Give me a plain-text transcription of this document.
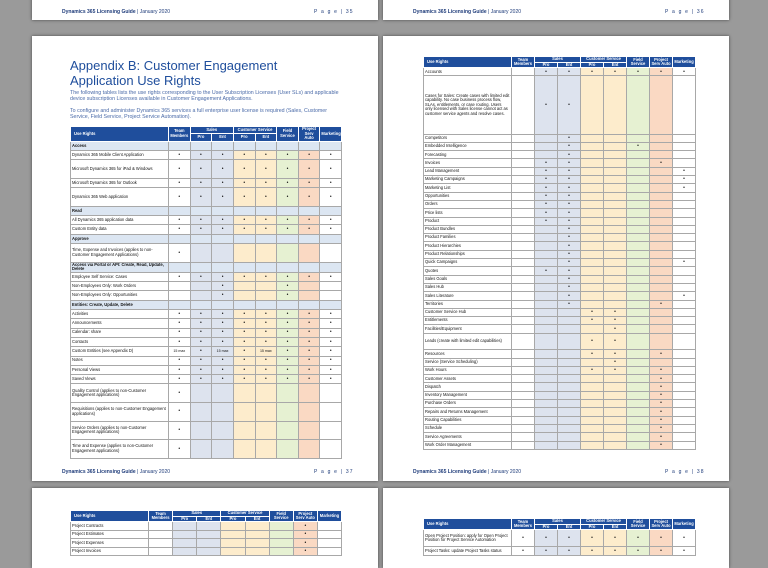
Dynamics 365 Licensing Guide | January 2020	P a g e | 35	Dynamics 365 Licensing Guide | January 2020	P a g e | 36
Appendix B: Customer Engagement Application Use Rights
The following tables lists the use rights corresponding to the User Subscription Licenses (User SLs) and applicable device subscription Licenses available in Customer Engagement Applications.
To configure and administer Dynamics 365 services a full enterprise user license is required (Sales, Customer Service, Field Service, Project Service Automation).
Use Rights	Team Members	Sales		Customer Service		Field Service	Project Serv Auto	Marketing
		Pro	Ent	Pro	Ent			
Access								
Dynamics 365 Mobile Client Application	•	•	•	•	•	•	•	•
Microsoft Dynamics 365 for iPad & Windows	•	•	•	•	•	•	•	•
Microsoft Dynamics 365 for Outlook	•	•	•	•	•	•	•	•
Dynamics 365 Web application	•	•	•	•	•	•	•	•
Read								
All Dynamics 365 application data	•	•	•	•	•	•	•	•
Custom Entity data	•	•	•	•	•	•	•	•
Approve								
Time, Expense and Invoices (applies to non-Customer Engagement Applications)	•							
Access via Portal or API: Create, Read, Update, Delete								
Employee Self Service: Cases	•	•	•	•	•	•	•	•
Non-Employees Only: Work Orders			•			•		
Non-Employees Only: Opportunities			•			•		
Entities: Create, Update, Delete								
Activities	•	•	•	•	•	•	•	•
Announcements	•	•	•	•	•	•	•	•
Calendar: share	•	•	•	•	•	•	•	•
Contacts	•	•	•	•	•	•	•	•
Custom Entities (see Appendix D)	15 max	•	15 max	•	15 max	•	•	•
Notes	•	•	•	•	•	•	•	•
Personal Views	•	•	•	•	•	•	•	•
Saved Views	•	•	•	•	•	•	•	•
Quality Control (applies to non-Customer Engagement applications)	•							
Requisitions (applies to non-Customer Engagement applications)	•							
Service Orders (applies to non-Customer Engagement applications)	•							
Time and Expense (applies to non-Customer Engagement applications)	•							
Dynamics 365 Licensing Guide | January 2020	P a g e | 37
Use Rights	Team Members	Sales		Customer Service		Field Service	Project Serv Auto	Marketing
		Pro	Ent	Pro	Ent			
Accounts		•	•	•	•	•	•	•
Cases for Sales: Create cases with limited edit capability. No case business process flow, SLAs, entitlements, or case routing. Users only licensed with Sales license cannot act as customer service agents and resolve cases.		•	•					
Competitors			•					
Embedded Intelligence			•			•		
Forecasting			•					
Invoices		•	•				•	
Lead Management		•	•					•
Marketing Campaigns		•	•					•
Marketing List		•	•					•
Opportunities		•	•					
Orders		•	•					
Price lists		•	•					
Product		•	•					
Product Bundles			•					
Product Families			•					
Product Hierarchies			•					
Product Relationships			•					
Quick Campaigns			•					•
Quotes		•	•					
Sales Goals			•					
Sales Hub			•					
Sales Literature			•					•
Territories			•				•	
Customer Service Hub				•	•			
Entitlements				•	•			
Facilities/Equipment					•			
Leads (create with limited edit capabilities)				•	•			
Resources				•	•		•	
Service (Service Scheduling)					•			
Work Hours				•	•		•	
Customer Assets							•	
Dispatch							•	
Inventory Management							•	
Purchase Orders							•	
Repairs and Returns Management							•	
Routing Capabilities							•	
Schedule							•	
Service Agreements							•	
Work Order Management							•	
Dynamics 365 Licensing Guide | January 2020	P a g e | 38
Use Rights	Team Members	Sales		Customer Service		Field Service	Project Serv Auto	Marketing
		Pro	Ent	Pro	Ent			
Project Contracts							•	
Project Estimates							•	
Project Expenses							•	
Project Invoices							•	
Use Rights	Team Members	Sales		Customer Service		Field Service	Project Serv Auto	Marketing
		Pro	Ent	Pro	Ent			
Open Project Position: apply for Open Project Position for Project Service Automation	•	•	•	•	•	•	•	•
Project Tasks: update Project Tasks status	•	•	•	•	•	•	•	•
